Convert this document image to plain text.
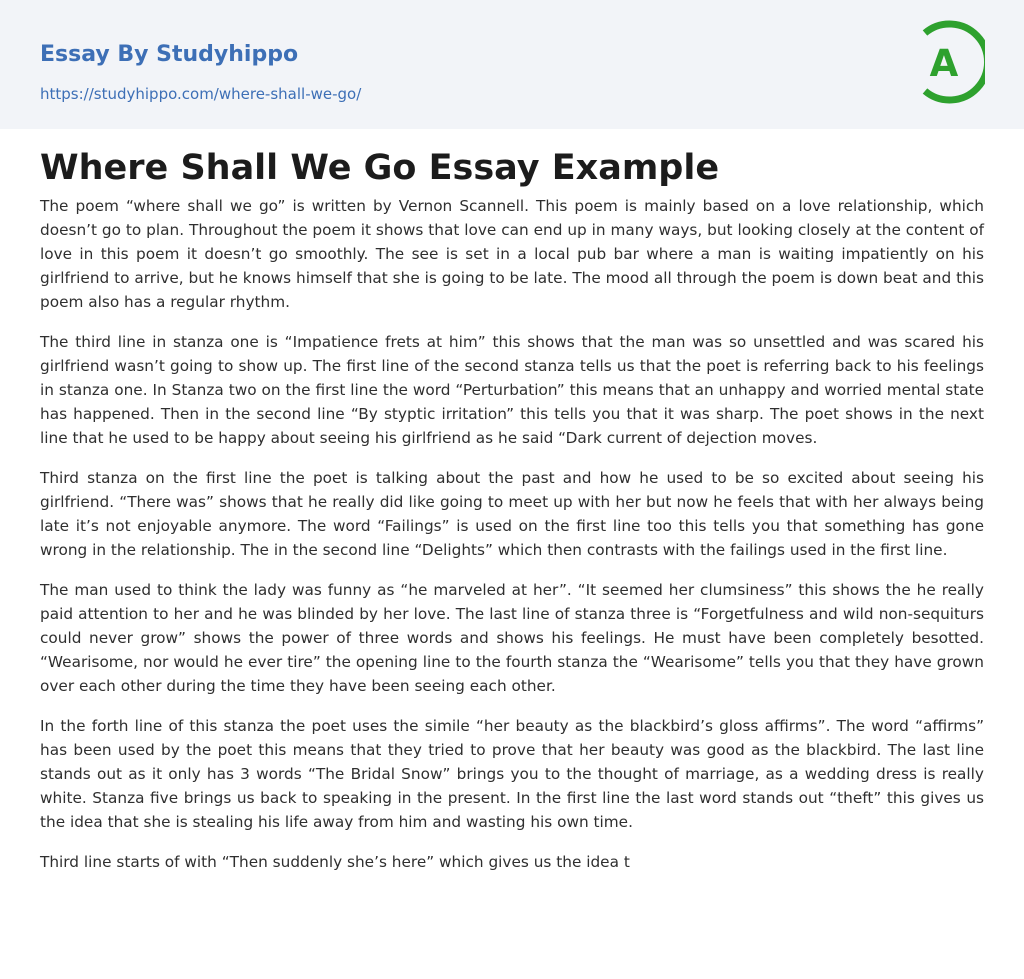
Essay By Studyhippo
https://studyhippo.com/where-shall-we-go/
A
Where Shall We Go Essay Example

The poem “where shall we go” is written by Vernon Scannell. This poem is mainly based on a love relationship, which doesn’t go to plan. Throughout the poem it shows that love can end up in many ways, but looking closely at the content of love in this poem it doesn’t go smoothly. The see is set in a local pub bar where a man is waiting impatiently on his girlfriend to arrive, but he knows himself that she is going to be late. The mood all through the poem is down beat and this poem also has a regular rhythm.

The third line in stanza one is “Impatience frets at him” this shows that the man was so unsettled and was scared his girlfriend wasn’t going to show up. The first line of the second stanza tells us that the poet is referring back to his feelings in stanza one. In Stanza two on the first line the word “Perturbation” this means that an unhappy and worried mental state has happened. Then in the second line “By styptic irritation” this tells you that it was sharp. The poet shows in the next line that he used to be happy about seeing his girlfriend as he said “Dark current of dejection moves.

Third stanza on the first line the poet is talking about the past and how he used to be so excited about seeing his girlfriend. “There was” shows that he really did like going to meet up with her but now he feels that with her always being late it’s not enjoyable anymore. The word “Failings” is used on the first line too this tells you that something has gone wrong in the relationship. The in the second line “Delights” which then contrasts with the failings used in the first line.

The man used to think the lady was funny as “he marveled at her”. “It seemed her clumsiness” this shows the he really paid attention to her and he was blinded by her love. The last line of stanza three is “Forgetfulness and wild non-sequiturs could never grow” shows the power of three words and shows his feelings. He must have been completely besotted. “Wearisome, nor would he ever tire” the opening line to the fourth stanza the “Wearisome” tells you that they have grown over each other during the time they have been seeing each other.

In the forth line of this stanza the poet uses the simile “her beauty as the blackbird’s gloss affirms”. The word “affirms” has been used by the poet this means that they tried to prove that her beauty was good as the blackbird. The last line stands out as it only has 3 words “The Bridal Snow” brings you to the thought of marriage, as a wedding dress is really white. Stanza five brings us back to speaking in the present. In the first line the last word stands out “theft” this gives us the idea that she is stealing his life away from him and wasting his own time.

Third line starts of with “Then suddenly she’s here” which gives us the idea t
